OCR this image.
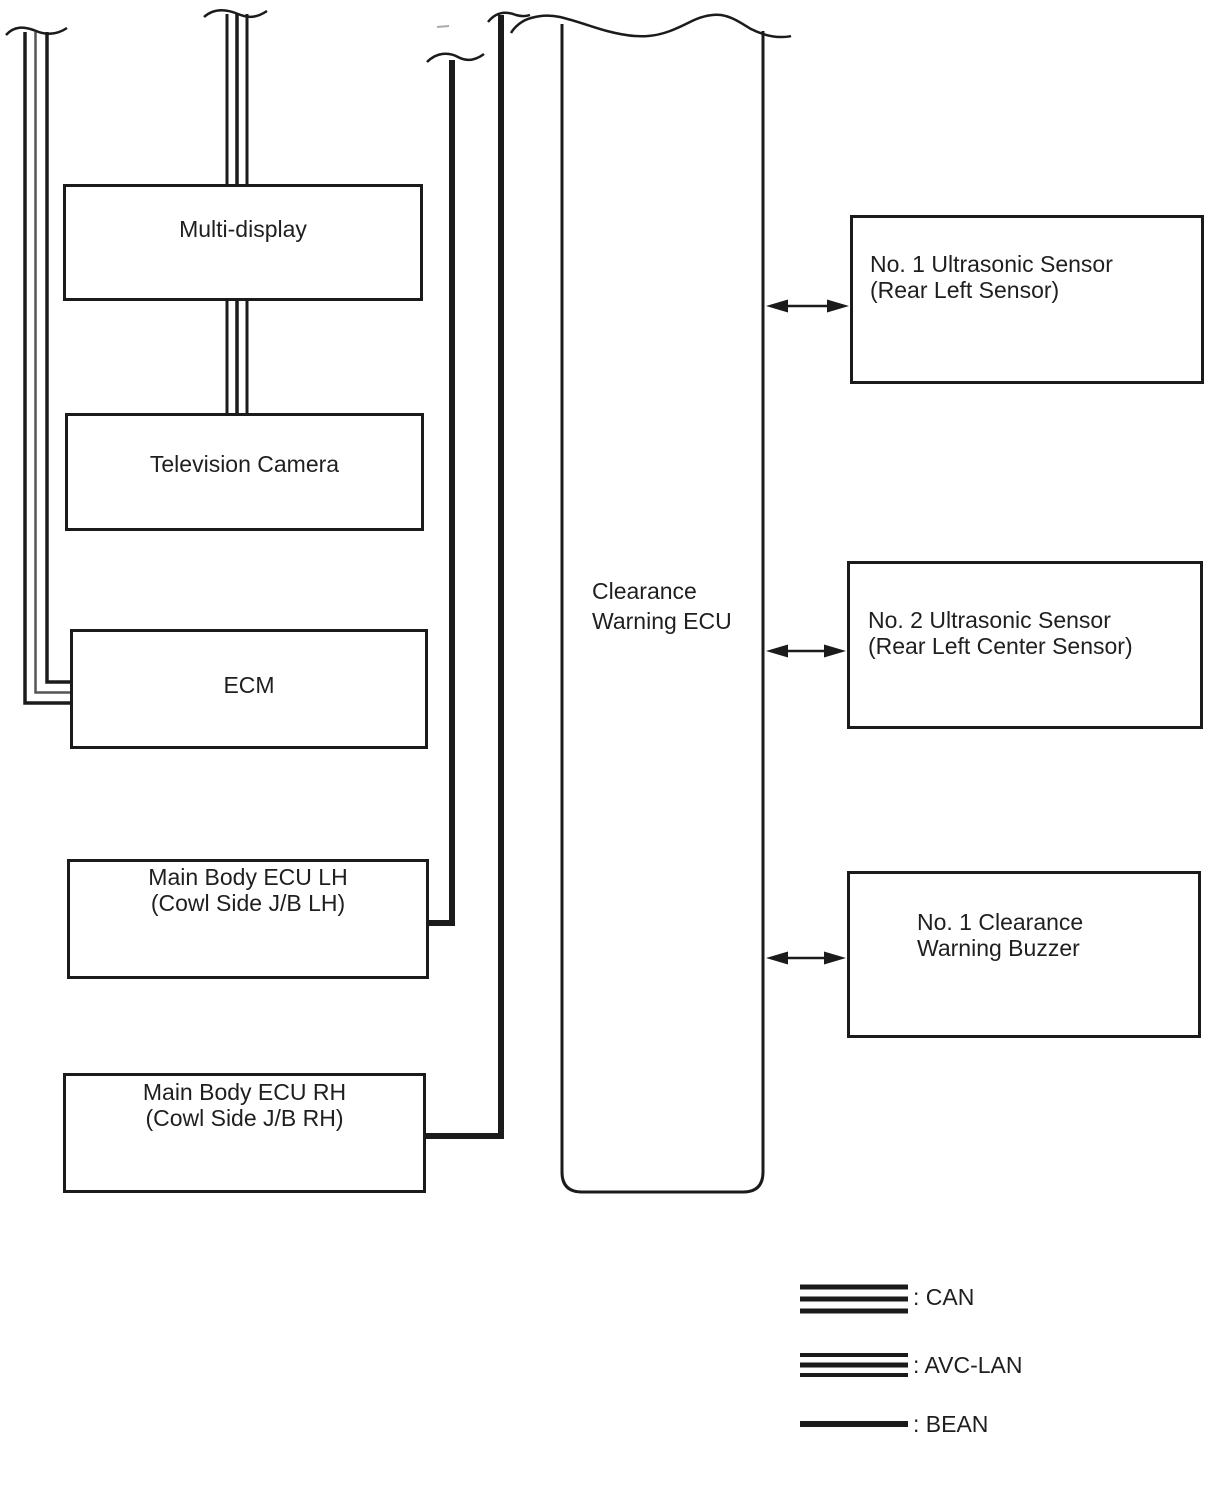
Multi-display
Television Camera
ECM
Main Body ECU LH
(Cowl Side J/B LH)
Main Body ECU RH
(Cowl Side J/B RH)
Clearance
Warning ECU
No. 1 Ultrasonic Sensor
(Rear Left Sensor)
No. 2 Ultrasonic Sensor
(Rear Left Center Sensor)
No. 1 Clearance
Warning Buzzer
: CAN
: AVC-LAN
: BEAN
